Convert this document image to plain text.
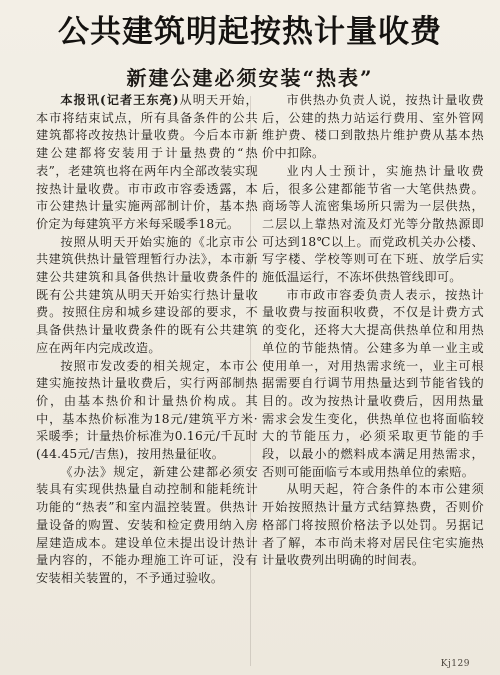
公共建筑明起按热计量收费
新建公建必须安装“热表”

本报讯(记者王东亮)从明天开始，本市将结束试点，所有具备条件的公共建筑都将改按热计量收费。今后本市新建公建都将安装用于计量热费的“热表”，老建筑也将在两年内全部改装实现按热计量收费。市市政市容委透露，本市公建热计量实施两部制计价，基本热价定为每建筑平方米每采暖季18元。

按照从明天开始实施的《北京市公共建筑供热计量管理暂行办法》，本市新建公共建筑和具备供热计量收费条件的既有公共建筑从明天开始实行热计量收费。按照住房和城乡建设部的要求，不具备供热计量收费条件的既有公共建筑应在两年内完成改造。

按照市发改委的相关规定，本市公建实施按热计量收费后，实行两部制热价，由基本热价和计量热价构成。其中，基本热价标准为18元/建筑平方米·采暖季；计量热价标准为0.16元/千瓦时(44.45元/吉焦)，按用热量征收。

《办法》规定，新建公建都必须安装具有实现供热量自动控制和能耗统计功能的“热表”和室内温控装置。供热计量设备的购置、安装和检定费用纳入房屋建造成本。建设单位未提出设计热计量内容的，不能办理施工许可证，没有安装相关装置的，不予通过验收。

市供热办负责人说，按热计量收费后，公建的热力站运行费用、室外管网维护费、楼口到散热片维护费从基本热价中扣除。

业内人士预计，实施热计量收费后，很多公建都能节省一大笔供热费。商场等人流密集场所只需为一层供热，二层以上靠热对流及灯光等分散热源即可达到18℃以上。而党政机关办公楼、写字楼、学校等则可在下班、放学后实施低温运行，不冻坏供热管线即可。

市市政市容委负责人表示，按热计量收费与按面积收费，不仅是计费方式的变化，还将大大提高供热单位和用热单位的节能热情。公建多为单一业主或使用单一，对用热需求统一，业主可根据需要自行调节用热量达到节能省钱的目的。改为按热计量收费后，因用热量需求会发生变化，供热单位也将面临较大的节能压力，必须采取更节能的手段，以最小的燃料成本满足用热需求，否则可能面临亏本或用热单位的索赔。

从明天起，符合条件的本市公建须开始按照热计量方式结算热费，否则价格部门将按照价格法予以处罚。另据记者了解，本市尚未将对居民住宅实施热计量收费列出明确的时间表。

Kj129
